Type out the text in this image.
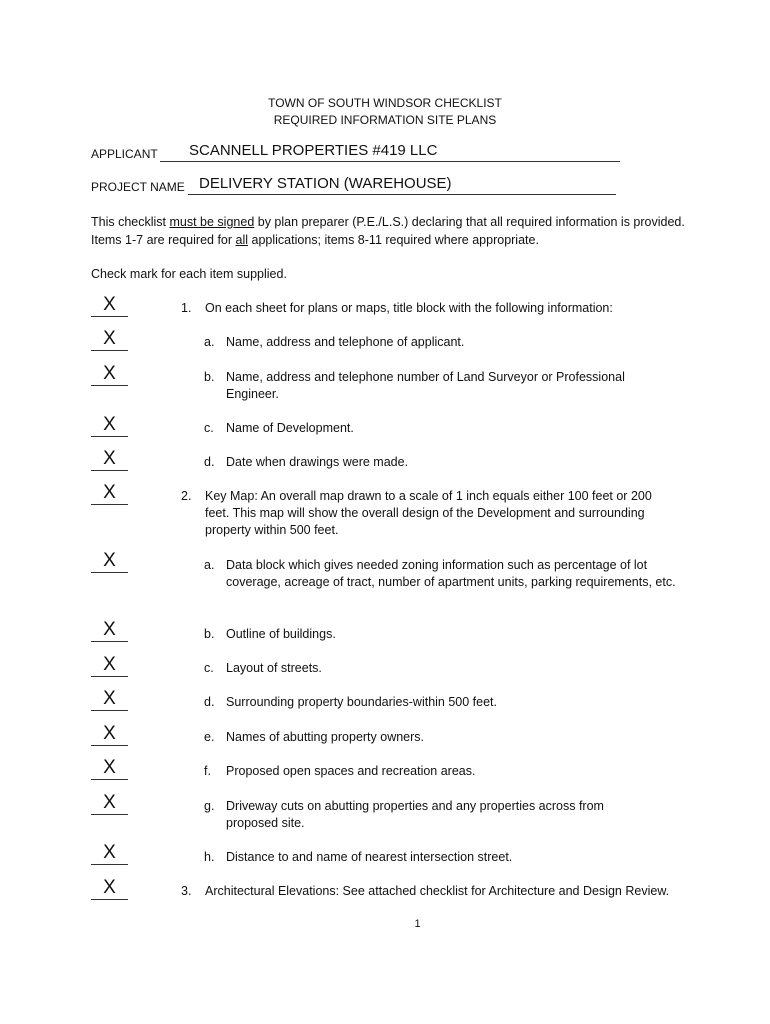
TOWN OF SOUTH WINDSOR CHECKLIST
REQUIRED INFORMATION SITE PLANS
APPLICANT SCANNELL PROPERTIES #419 LLC
PROJECT NAME DELIVERY STATION (WAREHOUSE)
This checklist must be signed by plan preparer (P.E./L.S.) declaring that all required information is provided. Items 1-7 are required for all applications; items 8-11 required where appropriate.
Check mark for each item supplied.
X	1. On each sheet for plans or maps, title block with the following information:
X	a. Name, address and telephone of applicant.
X	b. Name, address and telephone number of Land Surveyor or Professional Engineer.
X	c. Name of Development.
X	d. Date when drawings were made.
X	2. Key Map: An overall map drawn to a scale of 1 inch equals either 100 feet or 200 feet. This map will show the overall design of the Development and surrounding property within 500 feet.
X	a. Data block which gives needed zoning information such as percentage of lot coverage, acreage of tract, number of apartment units, parking requirements, etc.
X	b. Outline of buildings.
X	c. Layout of streets.
X	d. Surrounding property boundaries-within 500 feet.
X	e. Names of abutting property owners.
X	f. Proposed open spaces and recreation areas.
X	g. Driveway cuts on abutting properties and any properties across from proposed site.
X	h. Distance to and name of nearest intersection street.
X	3. Architectural Elevations: See attached checklist for Architecture and Design Review.
1
